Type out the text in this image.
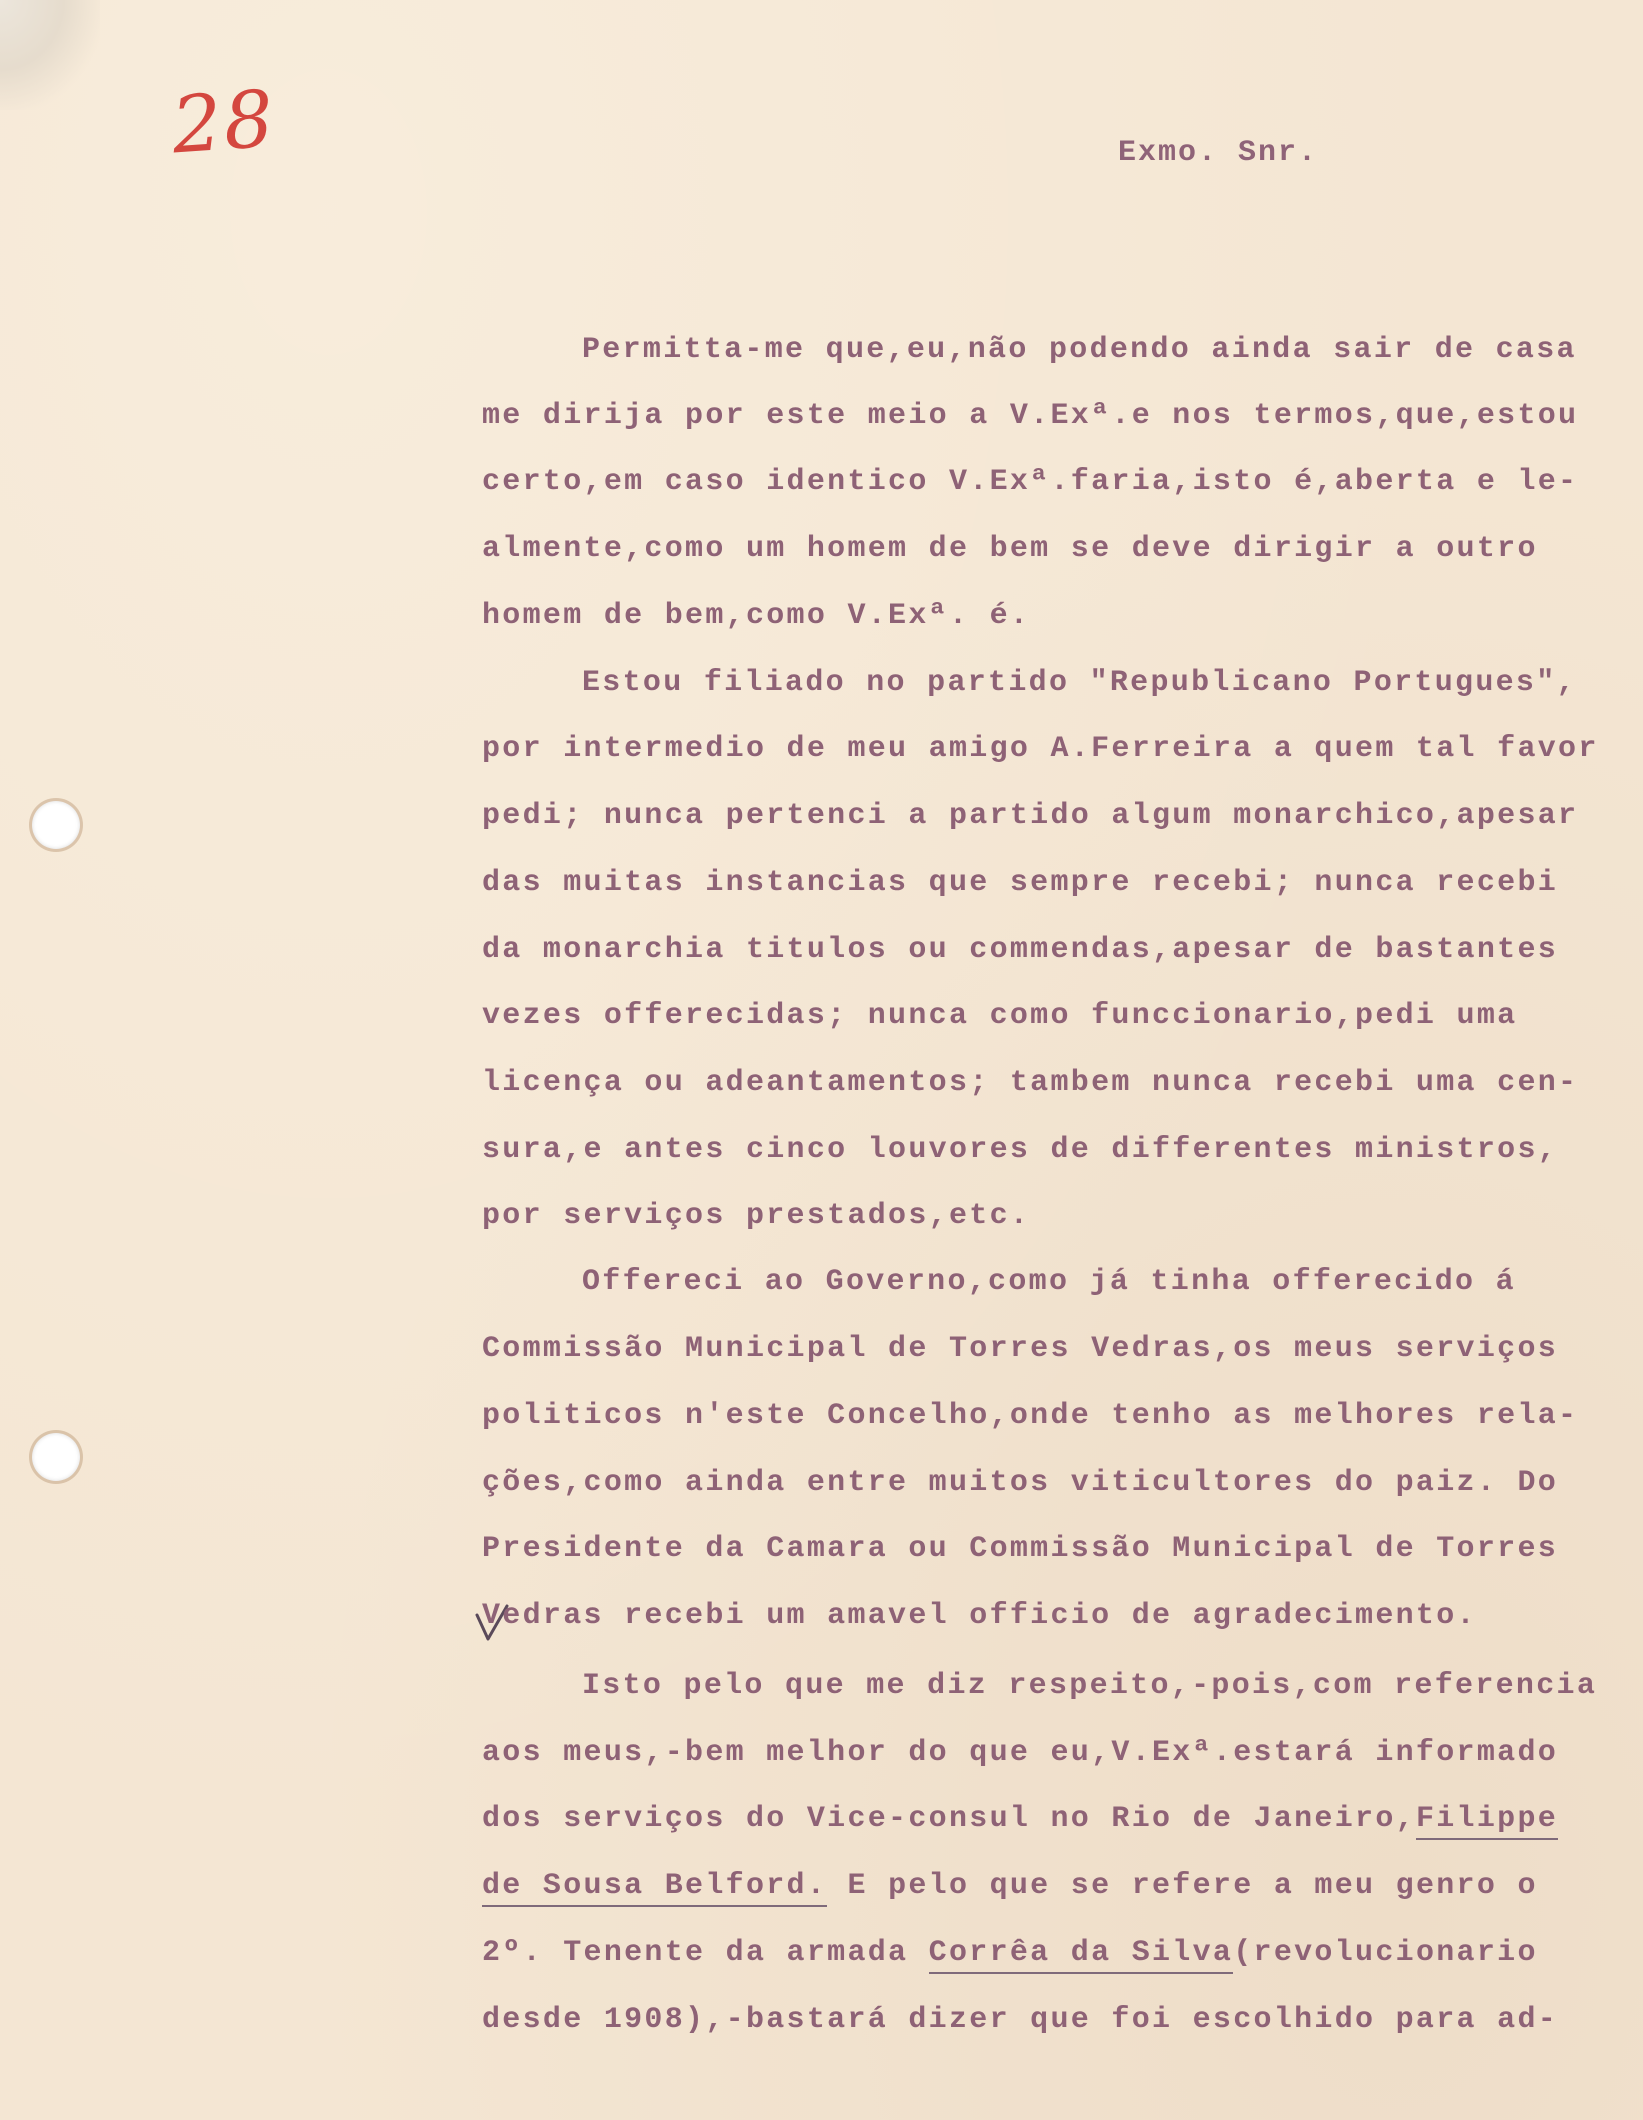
28	Exmo. Snr.
Permitta-me que,eu,não podendo ainda sair de casa
me dirija por este meio a V.Exª.e nos termos,que,estou
certo,em caso identico V.Exª.faria,isto é,aberta e le-
almente,como um homem de bem se deve dirigir a outro
homem de bem,como V.Exª. é.
Estou filiado no partido "Republicano Portugues",
por intermedio de meu amigo A.Ferreira a quem tal favor
pedi; nunca pertenci a partido algum monarchico,apesar
das muitas instancias que sempre recebi; nunca recebi
da monarchia titulos ou commendas,apesar de bastantes
vezes offerecidas; nunca como funccionario,pedi uma
licença ou adeantamentos; tambem nunca recebi uma cen-
sura,e antes cinco louvores de differentes ministros,
por serviços prestados,etc.
Offereci ao Governo,como já tinha offerecido á
Commissão Municipal de Torres Vedras,os meus serviços
politicos n'este Concelho,onde tenho as melhores rela-
ções,como ainda entre muitos viticultores do paiz. Do
Presidente da Camara ou Commissão Municipal de Torres
Vedras recebi um amavel officio de agradecimento.
Isto pelo que me diz respeito,-pois,com referencia
aos meus,-bem melhor do que eu,V.Exª.estará informado
dos serviços do Vice-consul no Rio de Janeiro,Filippe
de Sousa Belford. E pelo que se refere a meu genro o
2º. Tenente da armada Corrêa da Silva(revolucionario
desde 1908),-bastará dizer que foi escolhido para ad-
